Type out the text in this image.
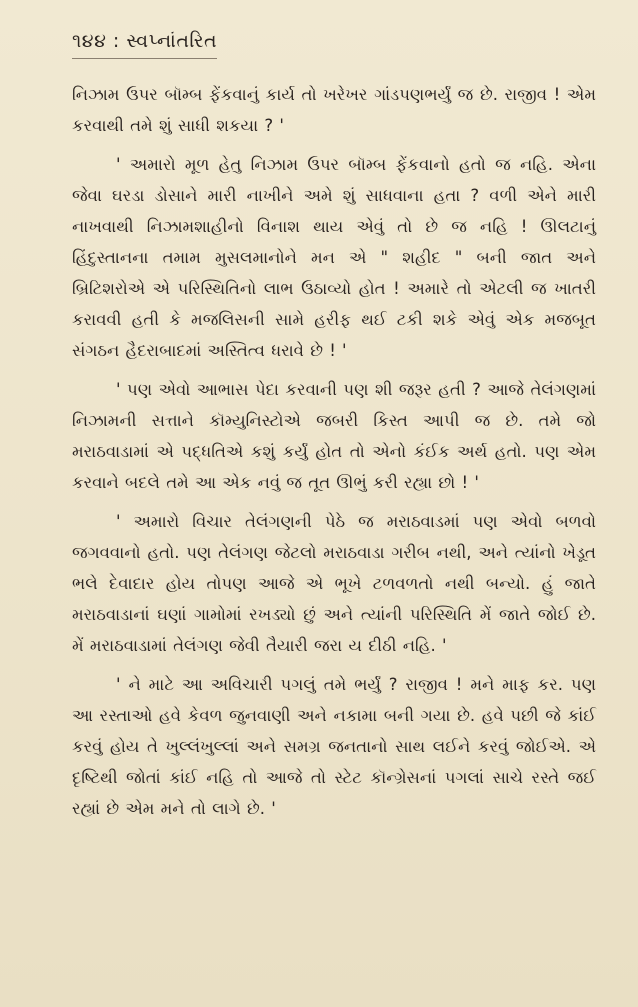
૧૪૪ : સ્વપ્નાંતરિત

નિઝામ ઉપર બૉમ્બ ફેંકવાનું કાર્ય તો ખરેખર ગાંડપણભર્યું જ છે. રાજીવ ! એમ કરવાથી તમે શું સાધી શકયા ? '

' અમારો મૂળ હેતુ નિઝામ ઉપર બૉમ્બ ફેંકવાનો હતો જ નહિ. એના જેવા ઘરડા ડોસાને મારી નાખીને અમે શું સાધવાના હતા ? વળી એને મારી નાખવાથી નિઝામશાહીનો વિનાશ થાય એવું તો છે જ નહિ ! ઊલટાનું હિંદુસ્તાનના તમામ મુસલમાનોને મન એ " શહીદ " બની જાત અને બ્રિટિશરોએ એ પરિસ્થિતિનો લાભ ઉઠાવ્યો હોત ! અમારે તો એટલી જ ખાતરી કરાવવી હતી કે મજલિસની સામે હરીફ થઈ ટકી શકે એવું એક મજબૂત સંગઠન હૈદરાબાદમાં અસ્તિત્વ ધરાવે છે ! '

' પણ એવો આભાસ પેદા કરવાની પણ શી જરૂર હતી ? આજે તેલંગણમાં નિઝામની સત્તાને કૉમ્યુનિસ્ટોએ જબરી કિસ્ત આપી જ છે. તમે જો મરાઠવાડામાં એ પદ્ધતિએ કશું કર્યું હોત તો એનો કંઈક અર્થ હતો. પણ એમ કરવાને બદલે તમે આ એક નવું જ તૂત ઊભું કરી રહ્યા છો ! '

' અમારો વિચાર તેલંગણની પેઠે જ મરાઠવાડમાં પણ એવો બળવો જગવવાનો હતો. પણ તેલંગણ જેટલો મરાઠવાડા ગરીબ નથી, અને ત્યાંનો ખેડૂત ભલે દેવાદાર હોય તોપણ આજે એ ભૂખે ટળવળતો નથી બન્યો. હું જાતે મરાઠવાડાનાં ઘણાં ગામોમાં રખડ્યો છું અને ત્યાંની પરિસ્થિતિ મેં જાતે જોઈ છે. મેં મરાઠવાડામાં તેલંગણ જેવી તૈયારી જરા ય દીઠી નહિ. '

' ને માટે આ અવિચારી પગલું તમે ભર્યું ? રાજીવ ! મને માફ કર. પણ આ રસ્તાઓ હવે કેવળ જુનવાણી અને નકામા બની ગયા છે. હવે પછી જે કાંઈ કરવું હોય તે ખુલ્લંખુલ્લાં અને સમગ્ર જનતાનો સાથ લઈને કરવું જોઈએ. એ દૃષ્ટિથી જોતાં કાંઈ નહિ તો આજે તો સ્ટેટ કૉન્ગ્રેસનાં પગલાં સાચે રસ્તે જઈ રહ્યાં છે એમ મને તો લાગે છે. '
